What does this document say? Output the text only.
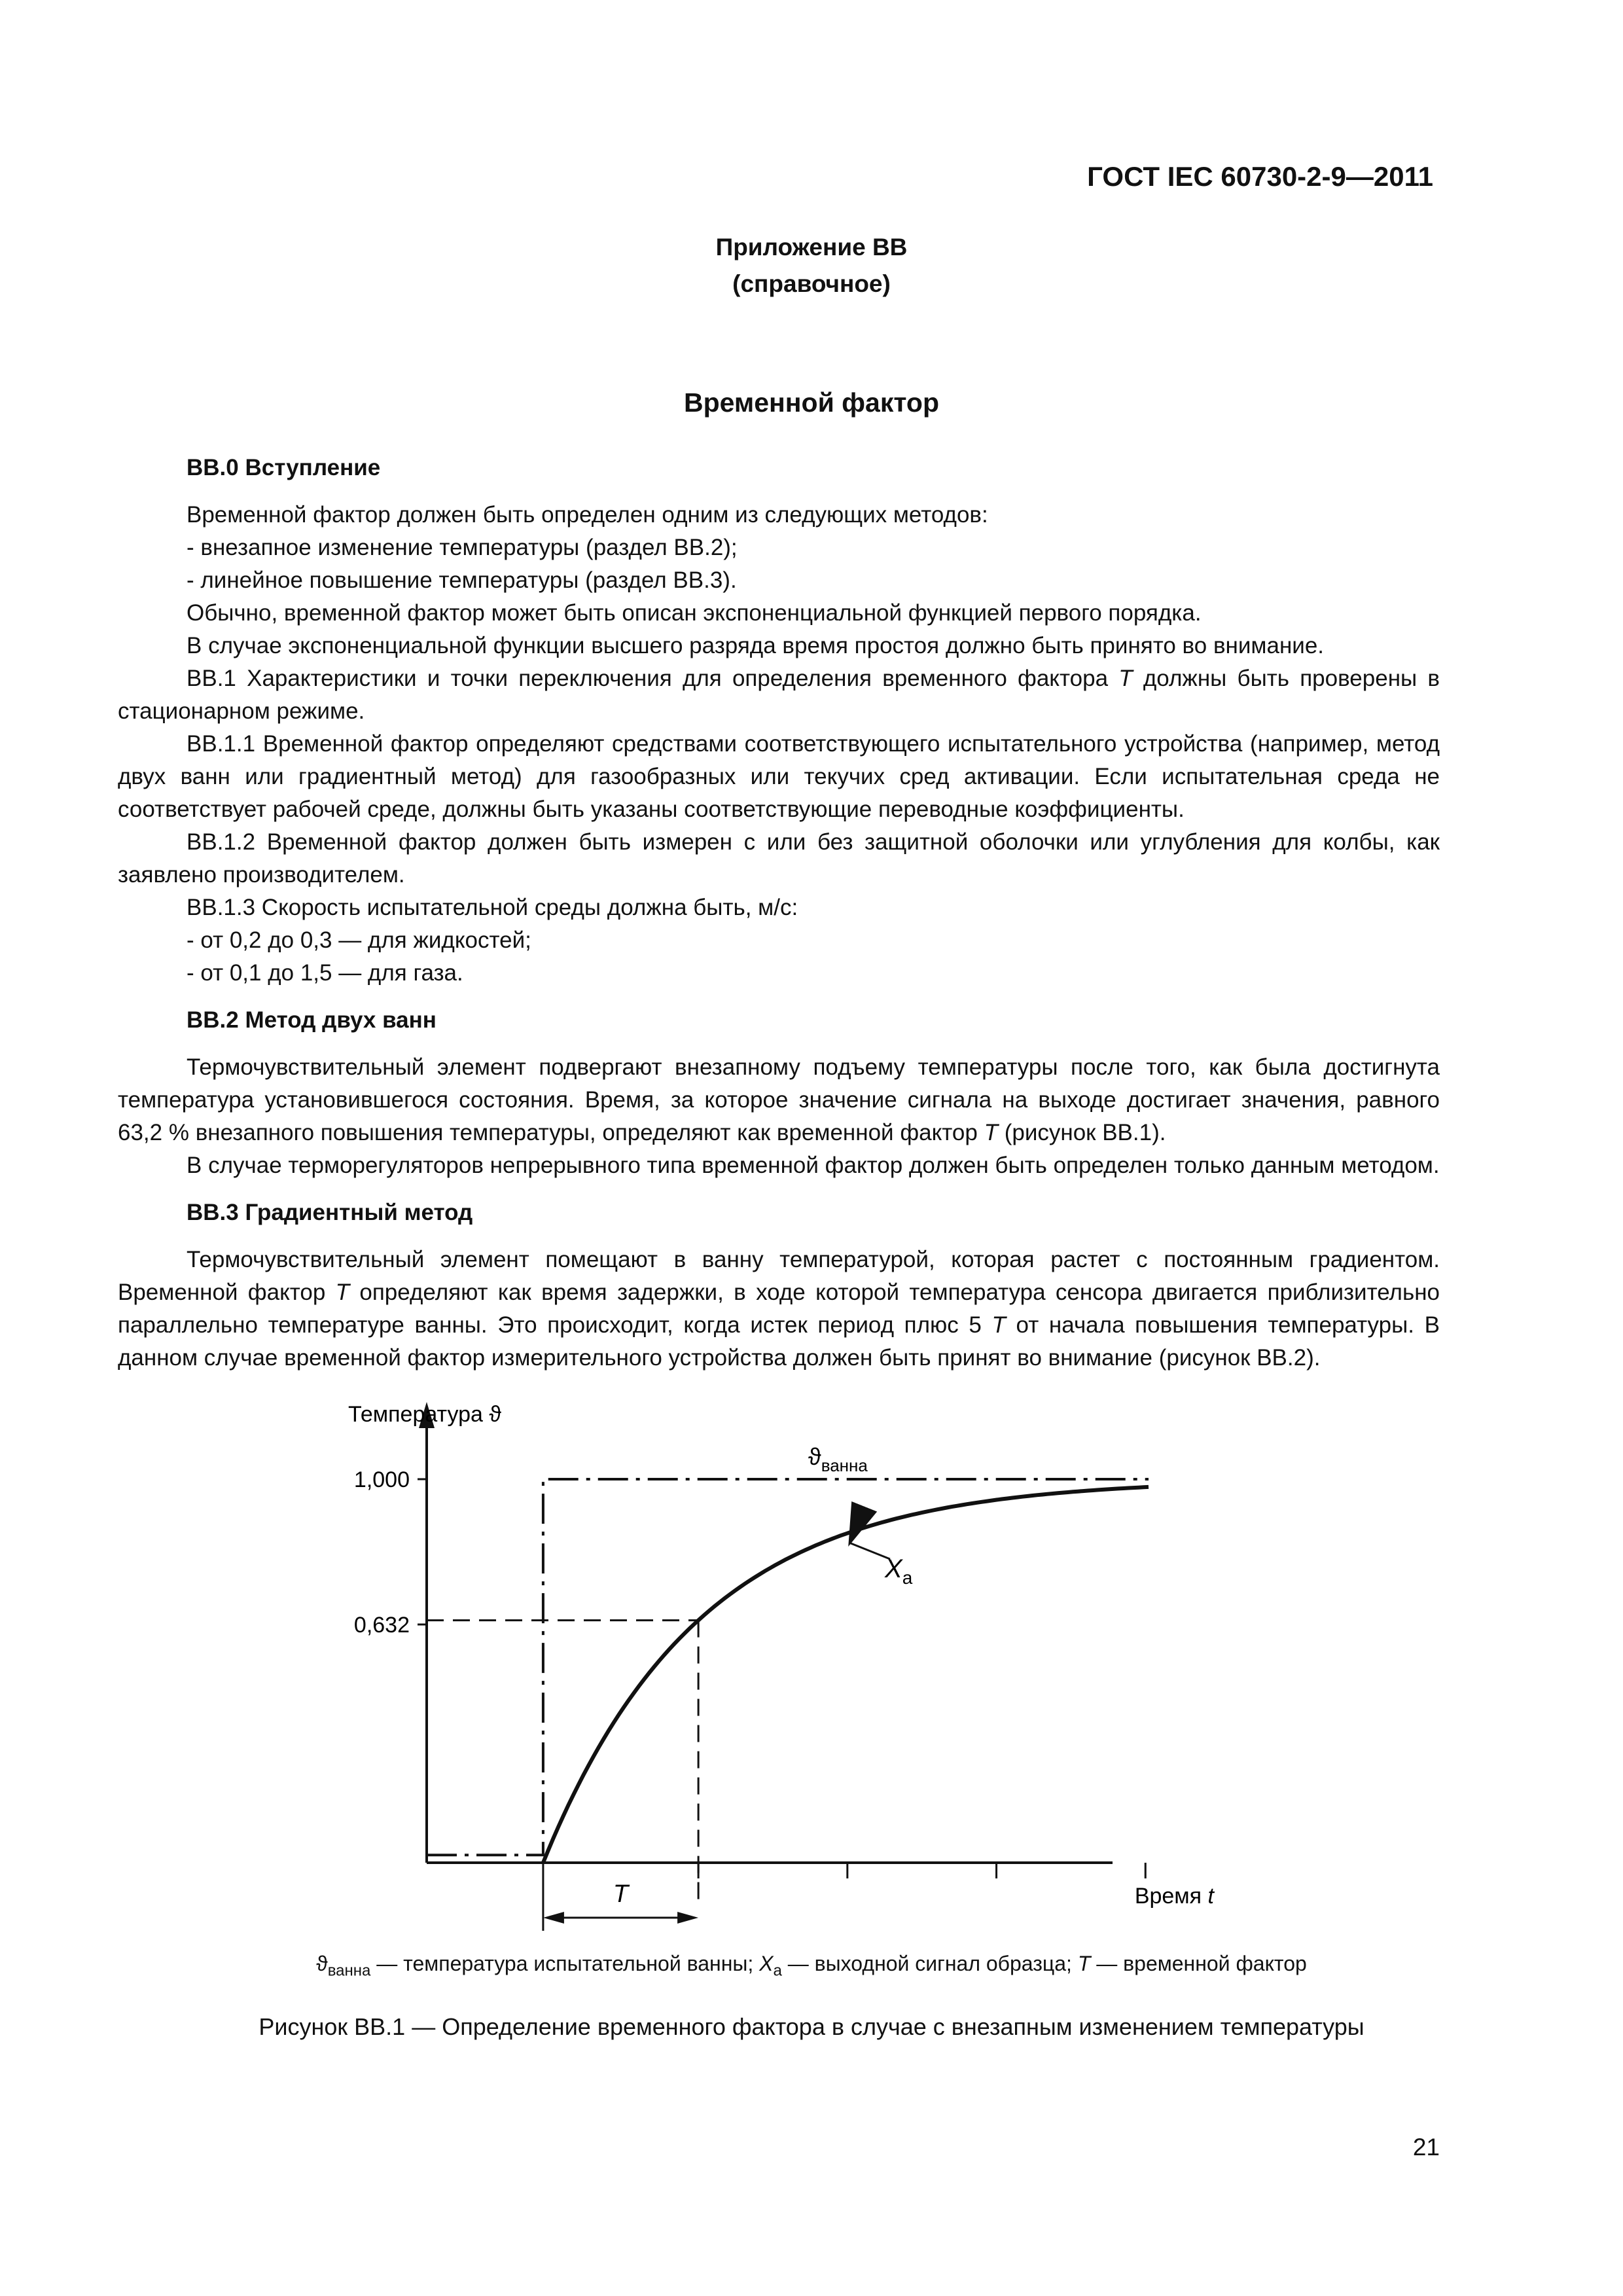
ГОСТ IEC 60730-2-9—2011
Приложение ВВ
(справочное)
Временной фактор

ВВ.0 Вступление

Временной фактор должен быть определен одним из следующих методов:

- внезапное изменение температуры (раздел ВВ.2);

- линейное повышение температуры (раздел ВВ.3).

Обычно, временной фактор может быть описан экспоненциальной функцией первого порядка.

В случае экспоненциальной функции высшего разряда время простоя должно быть принято во внимание.

ВВ.1 Характеристики и точки переключения для определения временного фактора T должны быть проверены в стационарном режиме.

ВВ.1.1 Временной фактор определяют средствами соответствующего испытательного устройства (например, метод двух ванн или градиентный метод) для газообразных или текучих сред активации. Если испытательная среда не соответствует рабочей среде, должны быть указаны соответствующие переводные коэффициенты.

ВВ.1.2 Временной фактор должен быть измерен с или без защитной оболочки или углубления для колбы, как заявлено производителем.

ВВ.1.3 Скорость испытательной среды должна быть, м/с:

- от 0,2 до 0,3 — для жидкостей;

- от 0,1 до 1,5 — для газа.

ВВ.2 Метод двух ванн

Термочувствительный элемент подвергают внезапному подъему температуры после того, как была достигнута температура установившегося состояния. Время, за которое значение сигнала на выходе достигает значения, равного 63,2 % внезапного повышения температуры, определяют как временной фактор T (рисунок ВВ.1).

В случае терморегуляторов непрерывного типа временной фактор должен быть определен только данным методом.

ВВ.3 Градиентный метод

Термочувствительный элемент помещают в ванну температурой, которая растет с постоянным градиентом. Временной фактор T определяют как время задержки, в ходе которой температура сенсора двигается приблизительно параллельно температуре ванны. Это происходит, когда истек период плюс 5 T от начала повышения температуры. В данном случае временной фактор измерительного устройства должен быть принят во внимание (рисунок ВВ.2).

1,000
0,632
Температура ϑ
Время t
$ϑ_{ванна}$
$X_а$
T
$ϑ_{ванна}$ — температура испытательной ванны; $X_а$ — выходной сигнал образца; T — временной фактор
Рисунок ВВ.1 — Определение временного фактора в случае с внезапным изменением температуры
21
